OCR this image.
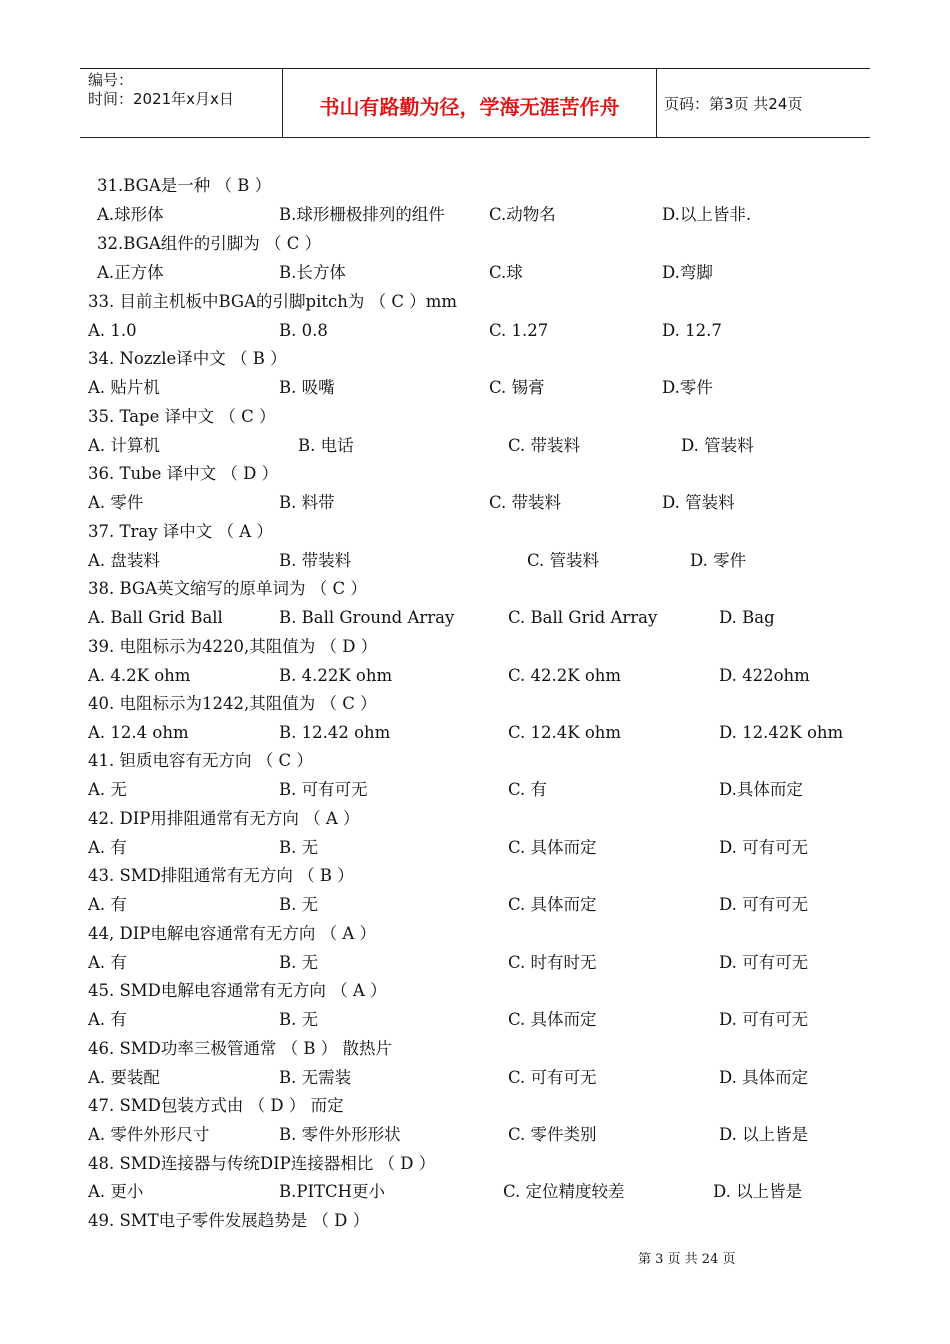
编号：
时间：2021年x月x日	书山有路勤为径，学海无涯苦作舟	页码：第3页 共24页
31.BGA是一种 （ B ）
A.球形体	B.球形栅极排列的组件	C.动物名	D.以上皆非.
32.BGA组件的引脚为 （ C ）
A.正方体	B.长方体	C.球	D.弯脚
33. 目前主机板中BGA的引脚pitch为 （ C ）mm
A. 1.0	B. 0.8	C. 1.27	D. 12.7
34. Nozzle译中文 （ B ）
A. 贴片机	B. 吸嘴	C. 锡膏	D.零件
35. Tape 译中文 （ C ）
A. 计算机	B. 电话	C. 带装料	D. 管装料
36. Tube 译中文 （ D ）
A. 零件	B. 料带	C. 带装料	D. 管装料
37. Tray 译中文 （ A ）
A. 盘装料	B. 带装料	C. 管装料	D. 零件
38. BGA英文缩写的原单词为 （ C ）
A. Ball Grid Ball	B. Ball Ground Array	C. Ball Grid Array	D. Bag
39. 电阻标示为4220,其阻值为 （ D ）
A. 4.2K ohm	B. 4.22K ohm	C. 42.2K ohm	D. 422ohm
40. 电阻标示为1242,其阻值为 （ C ）
A. 12.4 ohm	B. 12.42 ohm	C. 12.4K ohm	D. 12.42K ohm
41. 钽质电容有无方向 （ C ）
A. 无	B. 可有可无	C. 有	D.具体而定
42. DIP用排阻通常有无方向 （ A ）
A. 有	B. 无	C. 具体而定	D. 可有可无
43. SMD排阻通常有无方向 （ B ）
A. 有	B. 无	C. 具体而定	D. 可有可无
44, DIP电解电容通常有无方向 （ A ）
A. 有	B. 无	C. 时有时无	D. 可有可无
45. SMD电解电容通常有无方向 （ A ）
A. 有	B. 无	C. 具体而定	D. 可有可无
46. SMD功率三极管通常 （ B ） 散热片
A. 要装配	B. 无需装	C. 可有可无	D. 具体而定
47. SMD包装方式由 （ D ） 而定
A. 零件外形尺寸	B. 零件外形形状	C. 零件类别	D. 以上皆是
48. SMD连接器与传统DIP连接器相比 （ D ）
A. 更小	B.PITCH更小	C. 定位精度较差	D. 以上皆是
49. SMT电子零件发展趋势是 （ D ）
第 3 页 共 24 页
